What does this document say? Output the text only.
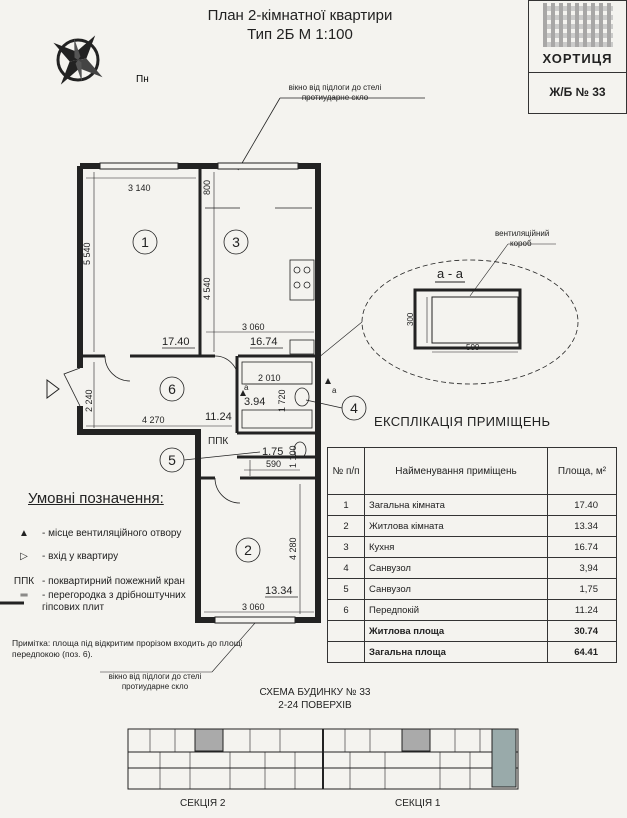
План 2-кімнатної квартири
Тип 2Б М 1:100
ХОРТИЦЯ
Ж/Б № 33
Пн
вікно від підлоги до стелі
протиударне скло
3 140
5 540
800
4 540
3 060
2 010
1 720
2 240
4 270
1 100
590
4 280
3 060
а	а
ППК
1	3
6
2
4
5
17.40	16.74
11.24
3.94
1.75
13.34
а - а
вентиляційний
короб
300
500
вікно від підлоги до стелі
протиударне скло
Умовні позначення:
▲	- місце вентиляційного отвору
▷	- вхід у квартиру
ППК - поквартирний пожежний кран
═	- перегородка з дрібноштучних гіпсових плит
Примітка: площа під відкритим прорізом входить до площі передпокою (поз. 6).
ЕКСПЛІКАЦІЯ ПРИМІЩЕНЬ
№ п/п	Найменування приміщень	Площа, м²
1	Загальна кімната	17.40
2	Житлова кімната	13.34
3	Кухня	16.74
4	Санвузол	3,94
5	Санвузол	1,75
6	Передпокій	11.24
	Житлова площа	30.74
	Загальна площа	64.41
СХЕМА БУДИНКУ № 33
2-24 ПОВЕРХІВ
СЕКЦІЯ 2	СЕКЦІЯ 1
